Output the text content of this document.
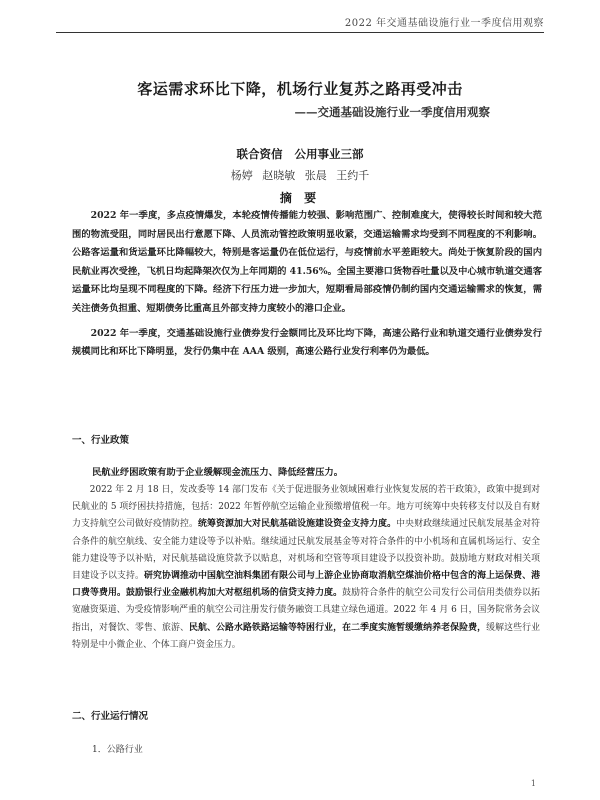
2022 年交通基础设施行业一季度信用观察
客运需求环比下降，机场行业复苏之路再受冲击
——交通基础设施行业一季度信用观察
联合资信 公用事业三部
杨婷 赵晓敏 张晨 王约千
摘 要

2022 年一季度，多点疫情爆发，本轮疫情传播能力较强、影响范围广、控制难度大，使得较长时间和较大范围的物流受阻，同时居民出行意愿下降、人员流动管控政策明显收紧，交通运输需求均受到不同程度的不利影响。公路客运量和货运量环比降幅较大，特别是客运量仍在低位运行，与疫情前水平差距较大。尚处于恢复阶段的国内民航业再次受挫，飞机日均起降架次仅为上年同期的 41.56%。全国主要港口货物吞吐量以及中心城市轨道交通客运量环比均呈现不同程度的下降。经济下行压力进一步加大，短期看局部疫情仍制约国内交通运输需求的恢复，需关注债务负担重、短期债务比重高且外部支持力度较小的港口企业。

2022 年一季度，交通基础设施行业债券发行金额同比及环比均下降，高速公路行业和轨道交通行业债券发行规模同比和环比下降明显，发行仍集中在 AAA 级别，高速公路行业发行利率仍为最低。

一、行业政策
民航业纾困政策有助于企业缓解现金流压力、降低经营压力。

2022 年 2 月 18 日，发改委等 14 部门发布《关于促进服务业领域困难行业恢复发展的若干政策》，政策中提到对民航业的 5 项纾困扶持措施，包括：2022 年暂停航空运输企业预缴增值税一年。地方可统筹中央转移支付以及自有财力支持航空公司做好疫情防控。统筹资源加大对民航基础设施建设资金支持力度。中央财政继续通过民航发展基金对符合条件的航空航线、安全能力建设等予以补贴。继续通过民航发展基金等对符合条件的中小机场和直属机场运行、安全能力建设等予以补贴，对民航基础设施贷款予以贴息，对机场和空管等项目建设予以投资补助。鼓励地方财政对相关项目建设予以支持。研究协调推动中国航空油料集团有限公司与上游企业协商取消航空煤油价格中包含的海上运保费、港口费等费用。鼓励银行业金融机构加大对枢纽机场的信贷支持力度。鼓励符合条件的航空公司发行公司信用类债券以拓宽融资渠道、为受疫情影响严重的航空公司注册发行债务融资工具建立绿色通道。2022 年 4 月 6 日，国务院常务会议指出，对餐饮、零售、旅游、民航、公路水路铁路运输等特困行业，在二季度实施暂缓缴纳养老保险费，缓解这些行业特别是中小微企业、个体工商户资金压力。

二、行业运行情况
1．公路行业
1
